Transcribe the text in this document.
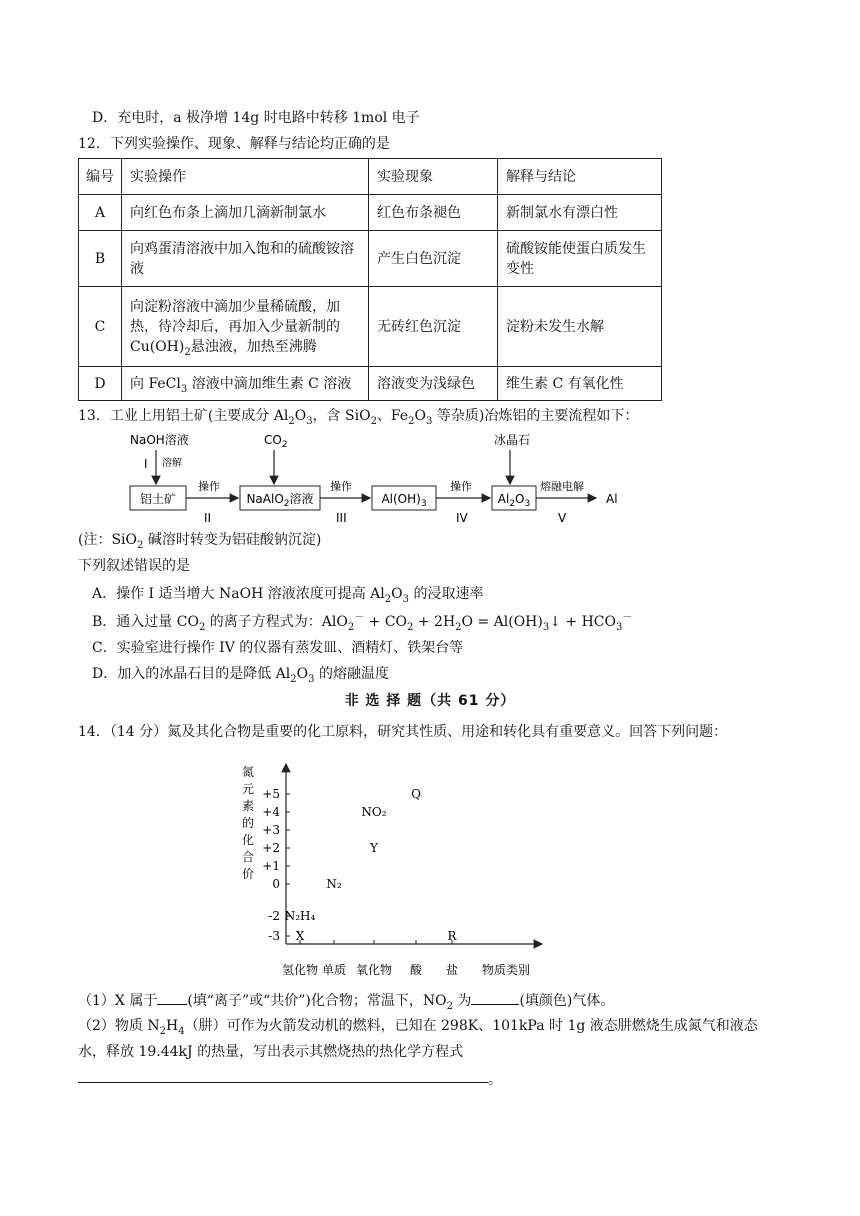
D．充电时，a 极净增 14g 时电路中转移 1mol 电子
12．下列实验操作、现象、解释与结论均正确的是
编号	实验操作	实验现象	解释与结论
A	向红色布条上滴加几滴新制氯水	红色布条褪色	新制氯水有漂白性
B	向鸡蛋清溶液中加入饱和的硫酸铵溶液	产生白色沉淀	硫酸铵能使蛋白质发生变性
C	向淀粉溶液中滴加少量稀硫酸，加热，待冷却后，再加入少量新制的$Cu(OH)_2$悬浊液，加热至沸腾	无砖红色沉淀	淀粉未发生水解
D	向 FeCl$_3$ 溶液中滴加维生素 C 溶液	溶液变为浅绿色	维生素 C 有氧化性
13．工业上用铝土矿(主要成分 $Al_2O_3$，含 SiO$_2$、$Fe_2O_3$ 等杂质)冶炼铝的主要流程如下：
NaOH溶液
I 溶解
$CO_2$	冰晶石
铝土矿	NaAlO$_2$溶液	$Al(OH)_3$	$Al_2O_3$
操作
II
操作
III
操作
IV
熔融电解
V
Al
(注：SiO$_2$ 碱溶时转变为铝硅酸钠沉淀)
下列叙述错误的是
A．操作 I 适当增大 NaOH 溶液浓度可提高 $Al_2O_3$ 的浸取速率
B．通入过量 $CO_2$ 的离子方程式为：$AlO_2^- + CO_2 + 2H_2O$ = $Al(OH)_3↓ + HCO_3^-$
C．实验室进行操作 IV 的仪器有蒸发皿、酒精灯、铁架台等
D．加入的冰晶石目的是降低 $Al_2O_3$ 的熔融温度
非 选 择 题（共 61 分）
14．（14 分）氮及其化合物是重要的化工原料，研究其性质、用途和转化具有重要意义。回答下列问题：
氮
元
素
的
化
合
价
+5
+4
+3
+2
+1
0
-2
-3
氢化物 单质 氧化物 酸 盐
X
N₂H₄
N₂
Y
NO₂
Q
R
物质类别
（1）X 属于 (填“离子”或“共价”)化合物；常温下，$NO_2$ 为	(填颜色)气体。
（2）物质 $N_2H_4$（肼）可作为火箭发动机的燃料，已知在 298K、101kPa 时 1g 液态肼燃烧生成氮气和液态
水，释放 19.44kJ 的热量，写出表示其燃烧热的热化学方程式
。
